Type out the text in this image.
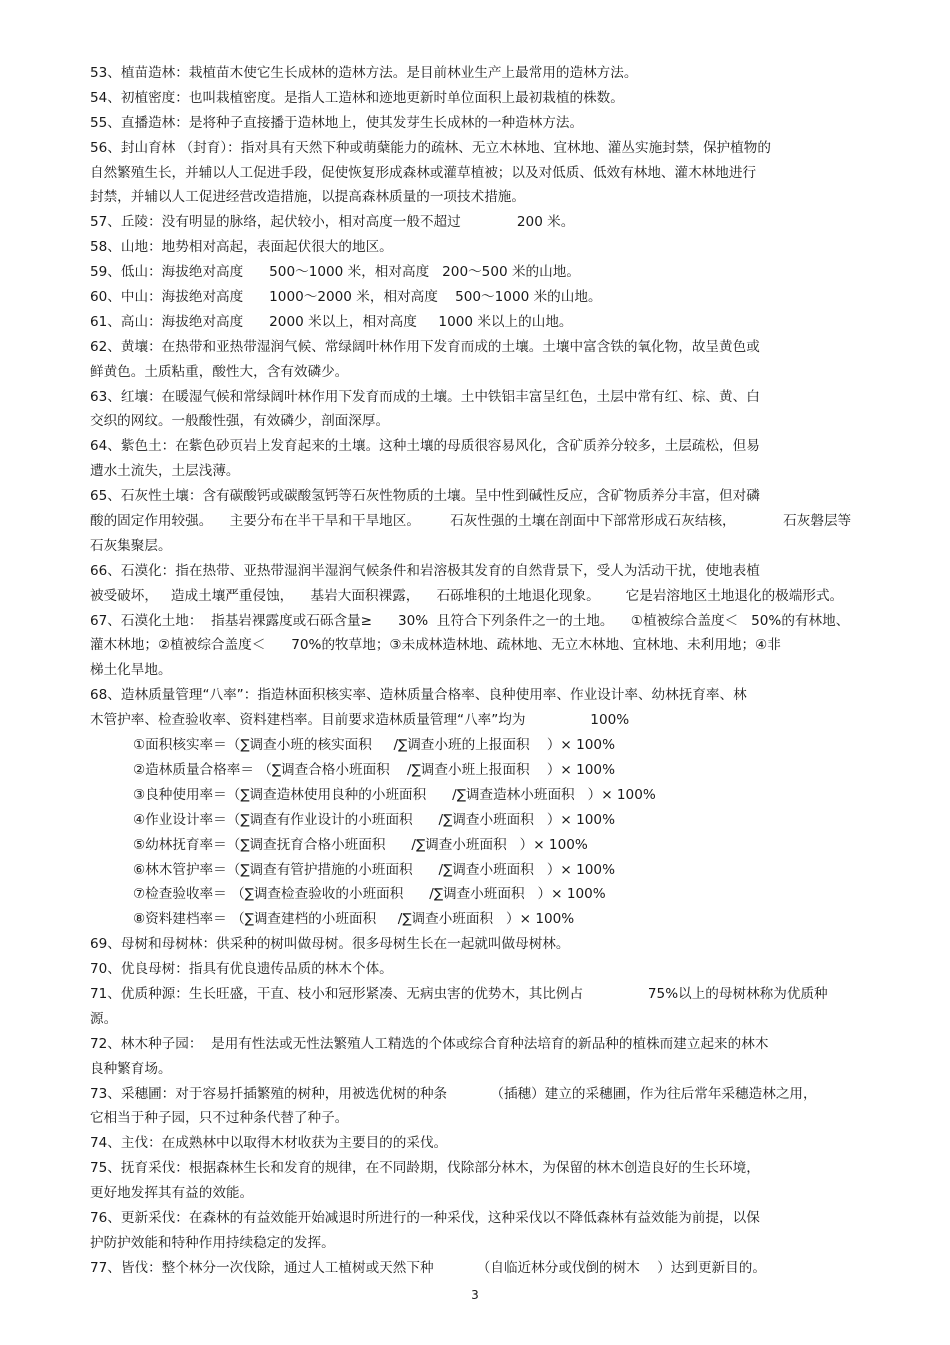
53、植苗造林：栽植苗木使它生长成林的造林方法。是目前林业生产上最常用的造林方法。
54、初植密度：也叫栽植密度。是指人工造林和迹地更新时单位面积上最初栽植的株数。
55、直播造林：是将种子直接播于造林地上，使其发芽生长成林的一种造林方法。
56、封山育林 （封育）：指对具有天然下种或萌蘖能力的疏林、无立木林地、宜林地、灌丛实施封禁，保护植物的
自然繁殖生长，并辅以人工促进手段，促使恢复形成森林或灌草植被；以及对低质、低效有林地、灌木林地进行
封禁，并辅以人工促进经营改造措施，以提高森林质量的一项技术措施。
57、丘陵：没有明显的脉络，起伏较小，相对高度一般不超过             200 米。
58、山地：地势相对高起，表面起伏很大的地区。
59、低山：海拔绝对高度      500～1000 米，相对高度   200～500 米的山地。
60、中山：海拔绝对高度      1000～2000 米，相对高度    500～1000 米的山地。
61、高山：海拔绝对高度      2000 米以上，相对高度     1000 米以上的山地。
62、黄壤：在热带和亚热带湿润气候、常绿阔叶林作用下发育而成的土壤。土壤中富含铁的氧化物，故呈黄色或
鲜黄色。土质粘重，酸性大，含有效磷少。
63、红壤：在暖湿气候和常绿阔叶林作用下发育而成的土壤。土中铁铝丰富呈红色，土层中常有红、棕、黄、白
交织的网纹。一般酸性强，有效磷少，剖面深厚。
64、紫色土：在紫色砂页岩上发育起来的土壤。这种土壤的母质很容易风化，含矿质养分较多，土层疏松，但易
遭水土流失，土层浅薄。
65、石灰性土壤：含有碳酸钙或碳酸氢钙等石灰性物质的土壤。呈中性到碱性反应，含矿物质养分丰富，但对磷
酸的固定作用较强。    主要分布在半干旱和干旱地区。       石灰性强的土壤在剖面中下部常形成石灰结核，           石灰磐层等
石灰集聚层。
66、石漠化：指在热带、亚热带湿润半湿润气候条件和岩溶极其发育的自然背景下，受人为活动干扰，使地表植
被受破坏，   造成土壤严重侵蚀，    基岩大面积裸露，    石砾堆积的土地退化现象。      它是岩溶地区土地退化的极端形式。
67、石漠化土地：  指基岩裸露度或石砾含量≥      30%  且符合下列条件之一的土地。    ①植被综合盖度＜   50%的有林地、
灌木林地；②植被综合盖度＜      70%的牧草地；③未成林造林地、疏林地、无立木林地、宜林地、未利用地；④非
梯土化旱地。
68、造林质量管理“八率”：指造林面积核实率、造林质量合格率、良种使用率、作业设计率、幼林抚育率、林
木管护率、检查验收率、资料建档率。目前要求造林质量管理“八率”均为               100%
①面积核实率＝（∑调查小班的核实面积     /∑调查小班的上报面积    ）× 100%
②造林质量合格率＝ （∑调查合格小班面积    /∑调查小班上报面积    ）× 100%
③良种使用率＝（∑调查造林使用良种的小班面积      /∑调查造林小班面积   ）× 100%
④作业设计率＝（∑调查有作业设计的小班面积      /∑调查小班面积   ）× 100%
⑤幼林抚育率＝（∑调查抚育合格小班面积      /∑调查小班面积   ）× 100%
⑥林木管护率＝（∑调查有管护措施的小班面积      /∑调查小班面积   ）× 100%
⑦检查验收率＝ （∑调查检查验收的小班面积      /∑调查小班面积   ）× 100%
⑧资料建档率＝ （∑调查建档的小班面积     /∑调查小班面积   ）× 100%
69、母树和母树林：供采种的树叫做母树。很多母树生长在一起就叫做母树林。
70、优良母树：指具有优良遗传品质的林木个体。
71、优质种源：生长旺盛，干直、枝小和冠形紧凑、无病虫害的优势木，其比例占               75%以上的母树林称为优质种
源。
72、林木种子园：  是用有性法或无性法繁殖人工精选的个体或综合育种法培育的新品种的植株而建立起来的林木
良种繁育场。
73、采穗圃：对于容易扦插繁殖的树种，用被选优树的种条          （插穗）建立的采穗圃，作为往后常年采穗造林之用，
它相当于种子园，只不过种条代替了种子。
74、主伐：在成熟林中以取得木材收获为主要目的的采伐。
75、抚育采伐：根据森林生长和发育的规律，在不同龄期，伐除部分林木，为保留的林木创造良好的生长环境，
更好地发挥其有益的效能。
76、更新采伐：在森林的有益效能开始减退时所进行的一种采伐，这种采伐以不降低森林有益效能为前提，以保
护防护效能和特种作用持续稳定的发挥。
77、皆伐：整个林分一次伐除，通过人工植树或天然下种          （自临近林分或伐倒的树木    ）达到更新目的。
3
